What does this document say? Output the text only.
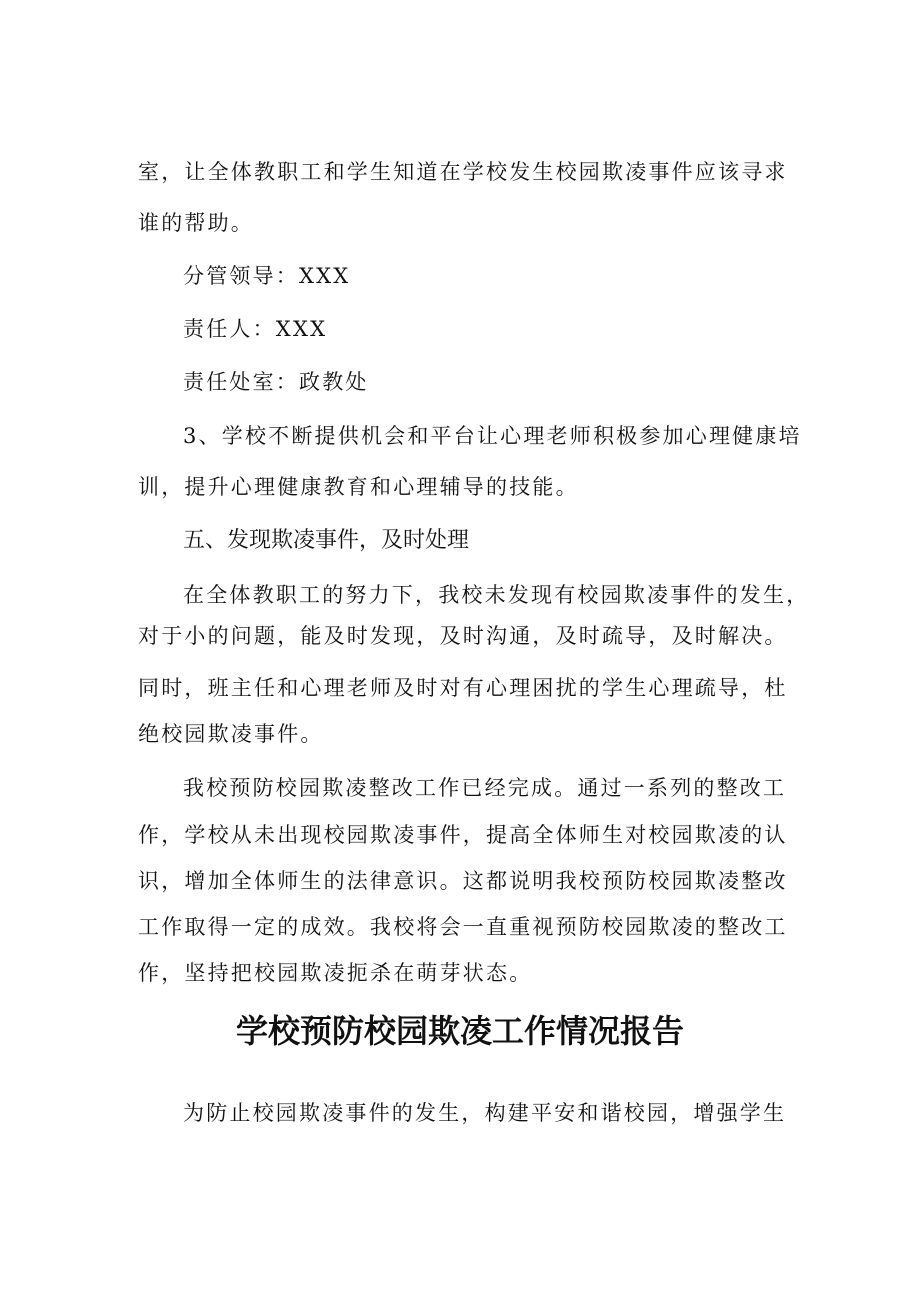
室，让全体教职工和学生知道在学校发生校园欺凌事件应该寻求

谁的帮助。

分管领导：XXX

责任人：XXX

责任处室：政教处

3、学校不断提供机会和平台让心理老师积极参加心理健康培

训，提升心理健康教育和心理辅导的技能。

五、发现欺凌事件，及时处理

在全体教职工的努力下，我校未发现有校园欺凌事件的发生，

对于小的问题，能及时发现，及时沟通，及时疏导，及时解决。

同时，班主任和心理老师及时对有心理困扰的学生心理疏导，杜

绝校园欺凌事件。

我校预防校园欺凌整改工作已经完成。通过一系列的整改工

作，学校从未出现校园欺凌事件，提高全体师生对校园欺凌的认

识，增加全体师生的法律意识。这都说明我校预防校园欺凌整改

工作取得一定的成效。我校将会一直重视预防校园欺凌的整改工

作，坚持把校园欺凌扼杀在萌芽状态。

学校预防校园欺凌工作情况报告

为防止校园欺凌事件的发生，构建平安和谐校园，增强学生
